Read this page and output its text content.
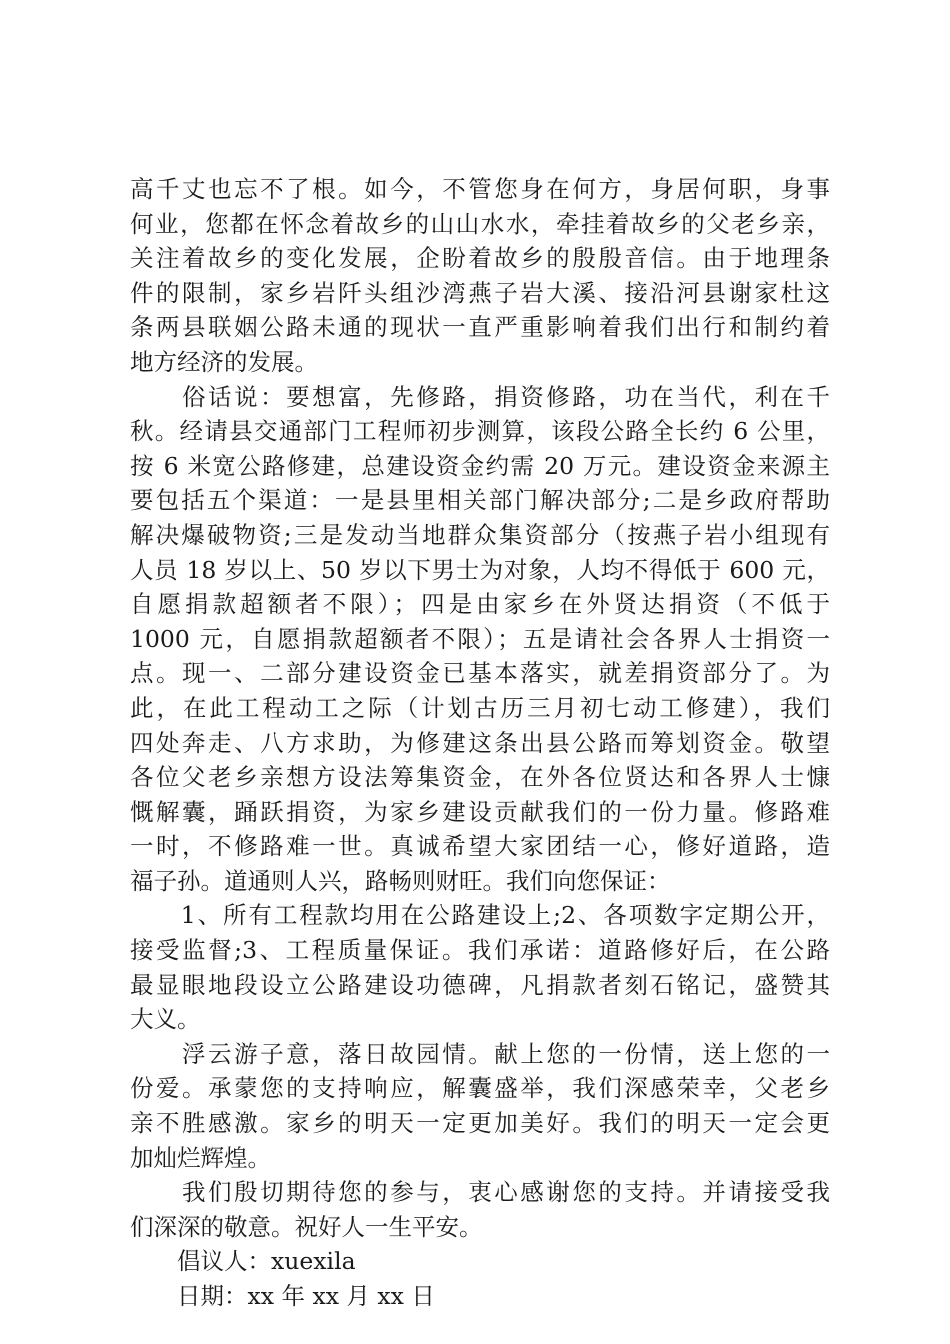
高千丈也忘不了根。如今，不管您身在何方，身居何职，身事
何业，您都在怀念着故乡的山山水水，牵挂着故乡的父老乡亲，
关注着故乡的变化发展，企盼着故乡的殷殷音信。由于地理条
件的限制，家乡岩阡头组沙湾燕子岩大溪、接沿河县谢家杜这
条两县联姻公路未通的现状一直严重影响着我们出行和制约着
地方经济的发展。
　　俗话说：要想富，先修路，捐资修路，功在当代，利在千
秋。经请县交通部门工程师初步测算，该段公路全长约 6 公里，
按 6 米宽公路修建，总建设资金约需 20 万元。建设资金来源主
要包括五个渠道：一是县里相关部门解决部分;二是乡政府帮助
解决爆破物资;三是发动当地群众集资部分（按燕子岩小组现有
人员 18 岁以上、50 岁以下男士为对象，人均不得低于 600 元，
自愿捐款超额者不限）；四是由家乡在外贤达捐资（不低于
1000 元，自愿捐款超额者不限）；五是请社会各界人士捐资一
点。现一、二部分建设资金已基本落实，就差捐资部分了。为
此，在此工程动工之际（计划古历三月初七动工修建），我们
四处奔走、八方求助，为修建这条出县公路而筹划资金。敬望
各位父老乡亲想方设法筹集资金，在外各位贤达和各界人士慷
慨解囊，踊跃捐资，为家乡建设贡献我们的一份力量。修路难
一时，不修路难一世。真诚希望大家团结一心，修好道路，造
福子孙。道通则人兴，路畅则财旺。我们向您保证：
　　1、所有工程款均用在公路建设上;2、各项数字定期公开，
接受监督;3、工程质量保证。我们承诺：道路修好后，在公路
最显眼地段设立公路建设功德碑，凡捐款者刻石铭记，盛赞其
大义。
　　浮云游子意，落日故园情。献上您的一份情，送上您的一
份爱。承蒙您的支持响应，解囊盛举，我们深感荣幸，父老乡
亲不胜感激。家乡的明天一定更加美好。我们的明天一定会更
加灿烂辉煌。
　　我们殷切期待您的参与，衷心感谢您的支持。并请接受我
们深深的敬意。祝好人一生平安。
　　倡议人：xuexila
　　日期：xx 年 xx 月 xx 日
